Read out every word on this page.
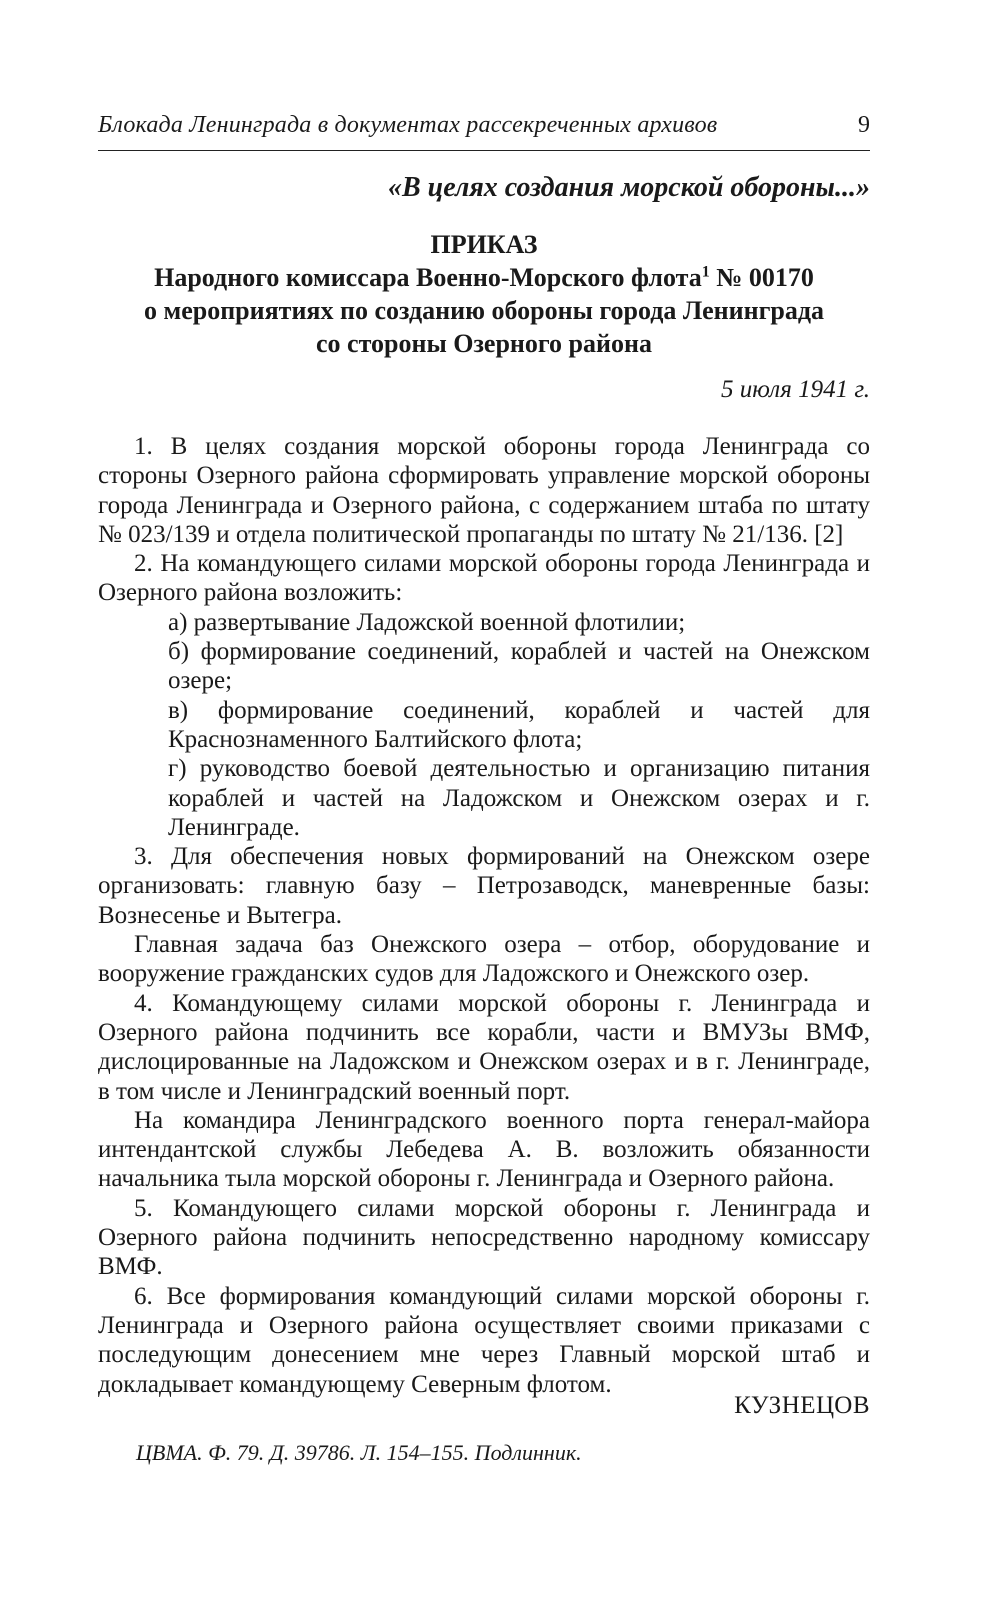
Блокада Ленинграда в документах рассекреченных архивов	9
«В целях создания морской обороны...»
ПРИКАЗ
Народного комиссара Военно-Морского флота$^1$ № 00170
о мероприятиях по созданию обороны города Ленинграда
со стороны Озерного района
5 июля 1941 г.

1. В целях создания морской обороны города Ленинграда со стороны Озерного района сформировать управление морской обороны города Ленинграда и Озерного района, с содержанием штаба по штату № 023/139 и отдела политической пропаганды по штату № 21/136. [2]

2. На командующего силами морской обороны города Ленинграда и Озерного района возложить:

а) развертывание Ладожской военной флотилии;

б) формирование соединений, кораблей и частей на Онежском озере;

в) формирование соединений, кораблей и частей для Краснознаменного Балтийского флота;

г) руководство боевой деятельностью и организацию питания кораблей и частей на Ладожском и Онежском озерах и г. Ленинграде.

3. Для обеспечения новых формирований на Онежском озере организовать: главную базу – Петрозаводск, маневренные базы: Вознесенье и Вытегра.

Главная задача баз Онежского озера – отбор, оборудование и вооружение гражданских судов для Ладожского и Онежского озер.

4. Командующему силами морской обороны г. Ленинграда и Озерного района подчинить все корабли, части и ВМУЗы ВМФ, дислоцированные на Ладожском и Онежском озерах и в г. Ленинграде, в том числе и Ленинградский военный порт.

На командира Ленинградского военного порта генерал-майора интендантской службы Лебедева А. В. возложить обязанности начальника тыла морской обороны г. Ленинграда и Озерного района.

5. Командующего силами морской обороны г. Ленинграда и Озерного района подчинить непосредственно народному комиссару ВМФ.

6. Все формирования командующий силами морской обороны г. Ленинграда и Озерного района осуществляет своими приказами с последующим донесением мне через Главный морской штаб и докладывает командующему Северным флотом.

КУЗНЕЦОВ
ЦВМА. Ф. 79. Д. 39786. Л. 154–155. Подлинник.
